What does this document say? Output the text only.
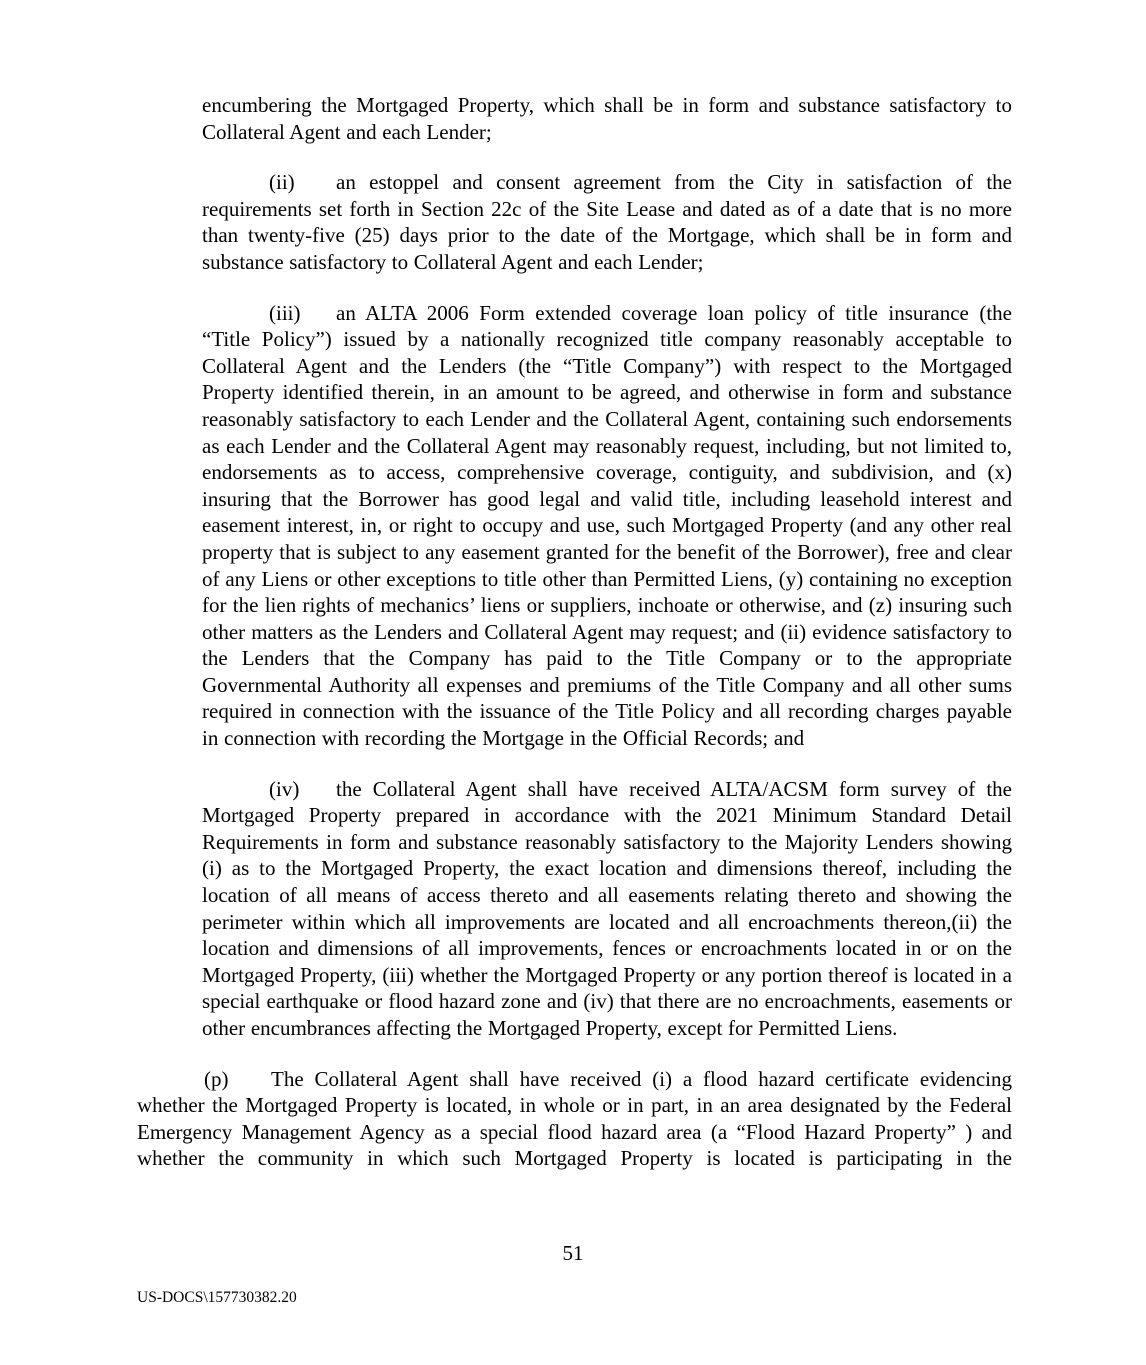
encumbering the Mortgaged Property, which shall be in form and substance satisfactory to Collateral Agent and each Lender;

(ii) an estoppel and consent agreement from the City in satisfaction of the requirements set forth in Section 22c of the Site Lease and dated as of a date that is no more than twenty-five (25) days prior to the date of the Mortgage, which shall be in form and substance satisfactory to Collateral Agent and each Lender;

(iii) an ALTA 2006 Form extended coverage loan policy of title insurance (the “Title Policy”) issued by a nationally recognized title company reasonably acceptable to Collateral Agent and the Lenders (the “Title Company”) with respect to the Mortgaged Property identified therein, in an amount to be agreed, and otherwise in form and substance reasonably satisfactory to each Lender and the Collateral Agent, containing such endorsements as each Lender and the Collateral Agent may reasonably request, including, but not limited to, endorsements as to access, comprehensive coverage, contiguity, and subdivision, and (x) insuring that the Borrower has good legal and valid title, including leasehold interest and easement interest, in, or right to occupy and use, such Mortgaged Property (and any other real property that is subject to any easement granted for the benefit of the Borrower), free and clear of any Liens or other exceptions to title other than Permitted Liens, (y) containing no exception for the lien rights of mechanics’ liens or suppliers, inchoate or otherwise, and (z) insuring such other matters as the Lenders and Collateral Agent may request; and (ii) evidence satisfactory to the Lenders that the Company has paid to the Title Company or to the appropriate Governmental Authority all expenses and premiums of the Title Company and all other sums required in connection with the issuance of the Title Policy and all recording charges payable in connection with recording the Mortgage in the Official Records; and

(iv) the Collateral Agent shall have received ALTA/ACSM form survey of the Mortgaged Property prepared in accordance with the 2021 Minimum Standard Detail Requirements in form and substance reasonably satisfactory to the Majority Lenders showing (i) as to the Mortgaged Property, the exact location and dimensions thereof, including the location of all means of access thereto and all easements relating thereto and showing the perimeter within which all improvements are located and all encroachments thereon,(ii) the location and dimensions of all improvements, fences or encroachments located in or on the Mortgaged Property, (iii) whether the Mortgaged Property or any portion thereof is located in a special earthquake or flood hazard zone and (iv) that there are no encroachments, easements or other encumbrances affecting the Mortgaged Property, except for Permitted Liens.

(p) The Collateral Agent shall have received (i) a flood hazard certificate evidencing whether the Mortgaged Property is located, in whole or in part, in an area designated by the Federal Emergency Management Agency as a special flood hazard area (a “Flood Hazard Property” ) and whether the community in which such Mortgaged Property is located is participating in the

51
US-DOCS\157730382.20
